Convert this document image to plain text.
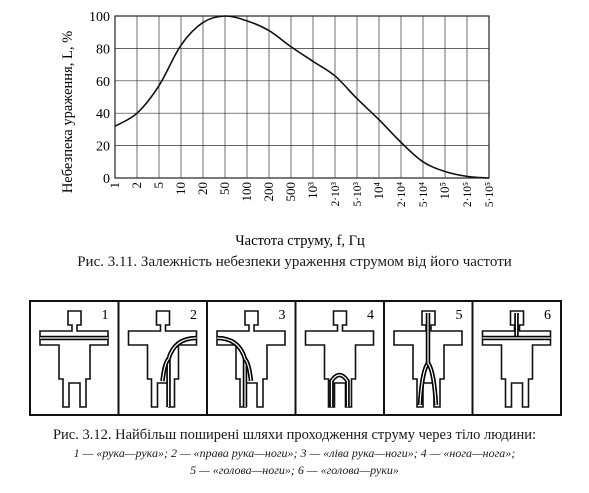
0
20
40
60
80
100
1 2 5 10 20 50 100 200 500 10³ 2·10³ 5·10³ 10⁴ 2·10⁴ 5·10⁴ 10⁵ 2·10⁵ 5·10⁵
Небезпека ураження, L, %
Частота струму, f, Гц
Рис. 3.11. Залежність небезпеки ураження струмом від його частоти
1	2	3	4	5	6
Рис. 3.12. Найбільш поширені шляхи проходження струму через тіло людини:
1 — «рука—рука»; 2 — «права рука—ноги»; 3 — «ліва рука—ноги»; 4 — «нога—нога»;
5 — «голова—ноги»; 6 — «голова—руки»
